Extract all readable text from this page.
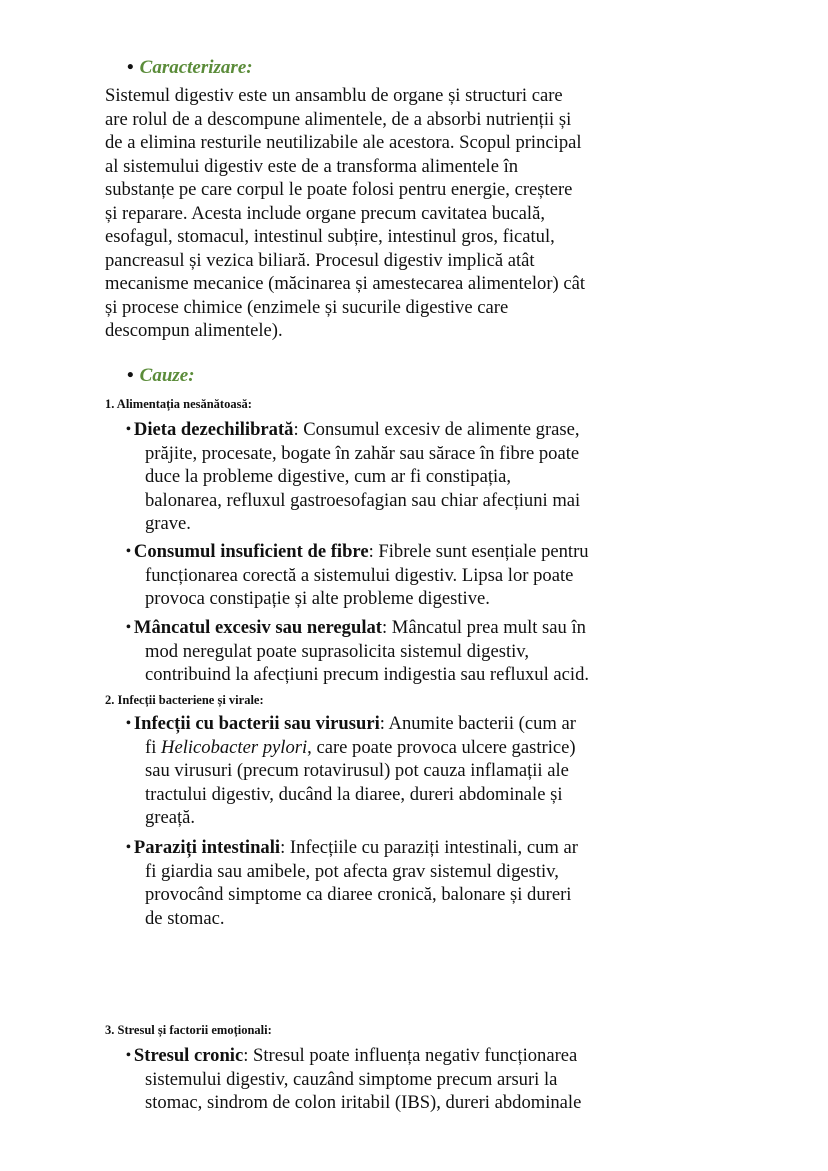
• Caracterizare:
Sistemul digestiv este un ansamblu de organe și structuri care
are rolul de a descompune alimentele, de a absorbi nutrienții și
de a elimina resturile neutilizabile ale acestora. Scopul principal
al sistemului digestiv este de a transforma alimentele în
substanțe pe care corpul le poate folosi pentru energie, creștere
și reparare. Acesta include organe precum cavitatea bucală,
esofagul, stomacul, intestinul subțire, intestinul gros, ficatul,
pancreasul și vezica biliară. Procesul digestiv implică atât
mecanisme mecanice (măcinarea și amestecarea alimentelor) cât
și procese chimice (enzimele și sucurile digestive care
descompun alimentele).
• Cauze:
1. Alimentația nesănătoasă:
• Dieta dezechilibrată: Consumul excesiv de alimente grase,
prăjite, procesate, bogate în zahăr sau sărace în fibre poate
duce la probleme digestive, cum ar fi constipația,
balonarea, refluxul gastroesofagian sau chiar afecțiuni mai
grave.
• Consumul insuficient de fibre: Fibrele sunt esențiale pentru
funcționarea corectă a sistemului digestiv. Lipsa lor poate
provoca constipație și alte probleme digestive.
• Mâncatul excesiv sau neregulat: Mâncatul prea mult sau în
mod neregulat poate suprasolicita sistemul digestiv,
contribuind la afecțiuni precum indigestia sau refluxul acid.
2. Infecții bacteriene și virale:
• Infecții cu bacterii sau virusuri: Anumite bacterii (cum ar
fi Helicobacter pylori, care poate provoca ulcere gastrice)
sau virusuri (precum rotavirusul) pot cauza inflamații ale
tractului digestiv, ducând la diaree, dureri abdominale și
greață.
• Paraziți intestinali: Infecțiile cu paraziți intestinali, cum ar
fi giardia sau amibele, pot afecta grav sistemul digestiv,
provocând simptome ca diaree cronică, balonare și dureri
de stomac.
3. Stresul și factorii emoționali:
• Stresul cronic: Stresul poate influența negativ funcționarea
sistemului digestiv, cauzând simptome precum arsuri la
stomac, sindrom de colon iritabil (IBS), dureri abdominale
